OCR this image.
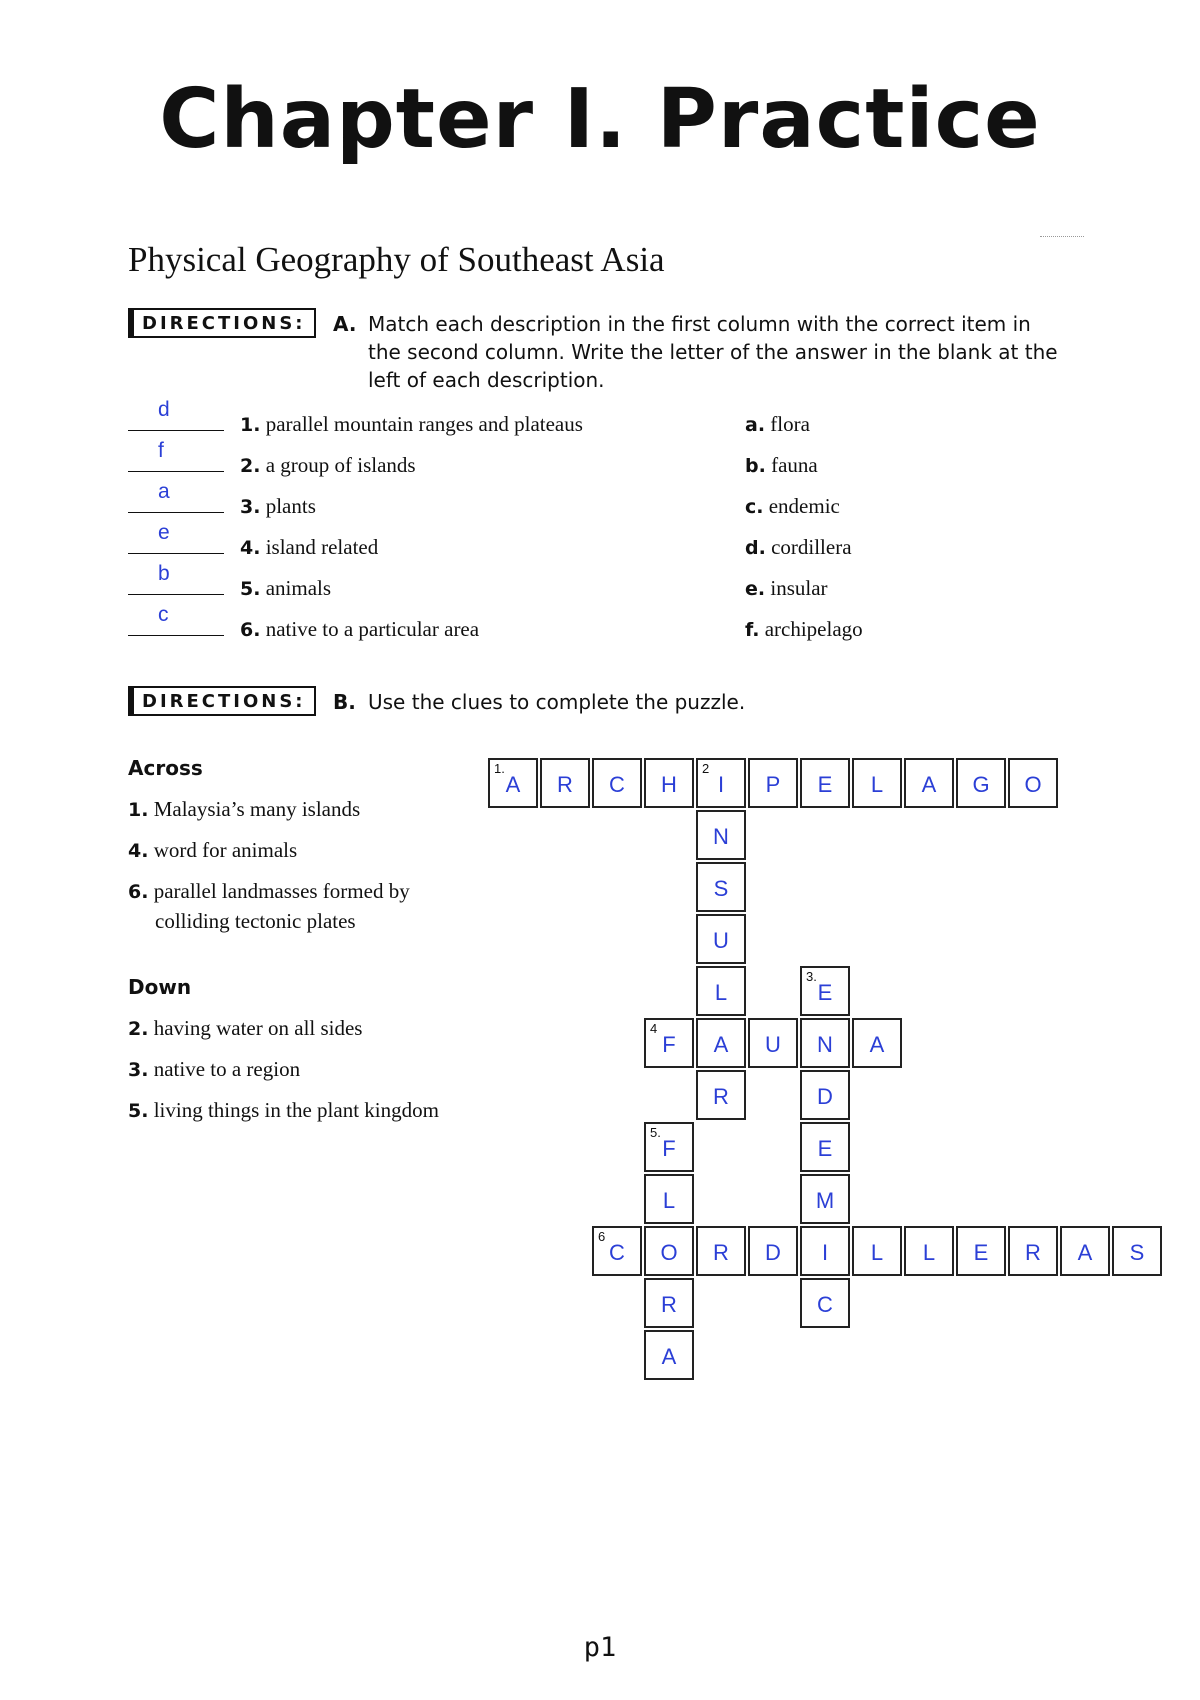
Chapter I. Practice
Physical Geography of Southeast Asia
DIRECTIONS:	A. Match each description in the first column with the correct item in
the second column. Write the letter of the answer in the blank at the
left of each description.
d
1. parallel mountain ranges and plateaus	a. flora
f
2. a group of islands	b. fauna
a
3. plants	c. endemic
e
4. island related	d. cordillera
b
5. animals	e. insular
c
6. native to a particular area	f. archipelago
DIRECTIONS:	B. Use the clues to complete the puzzle.
Across
1. Malaysia’s many islands
4. word for animals
6. parallel landmasses formed by
colliding tectonic plates
Down
2. having water on all sides
3. native to a region
5. living things in the plant kingdom
1.
A	R	C	H
2
I	P	E	L	A	G	O
N
S
U
L
A
R
3.
E
D
E
M
C
4
F	U	N	A
5.
F
L
R
A
6
C	O	R	D	I	L	L	E	R	A	S
p1
